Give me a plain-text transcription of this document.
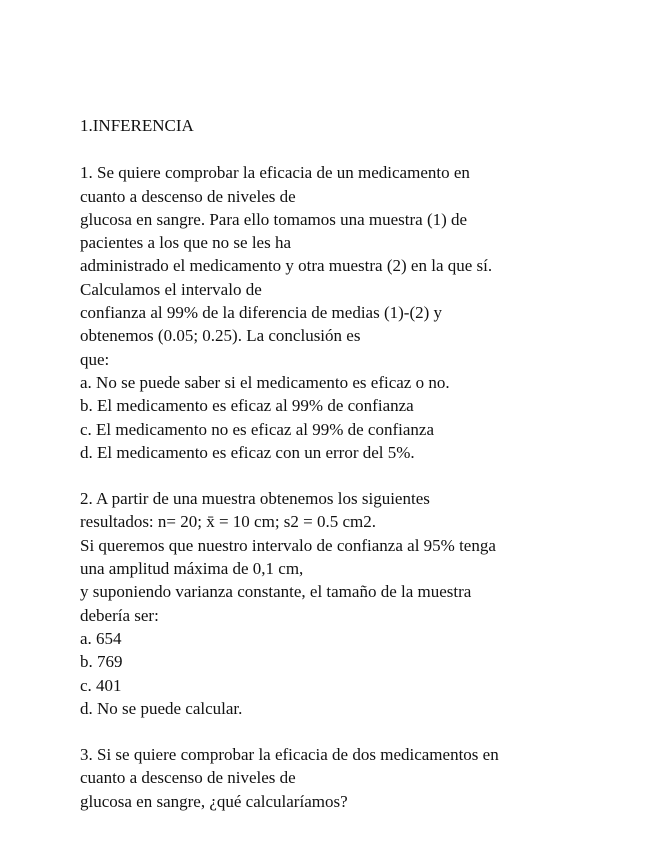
1.INFERENCIA
1. Se quiere comprobar la eficacia de un medicamento en
cuanto a descenso de niveles de
glucosa en sangre. Para ello tomamos una muestra (1) de
pacientes a los que no se les ha
administrado el medicamento y otra muestra (2) en la que sí.
Calculamos el intervalo de
confianza al 99% de la diferencia de medias (1)-(2) y
obtenemos (0.05; 0.25). La conclusión es
que:
a. No se puede saber si el medicamento es eficaz o no.
b. El medicamento es eficaz al 99% de confianza
c. El medicamento no es eficaz al 99% de confianza
d. El medicamento es eficaz con un error del 5%.
2. A partir de una muestra obtenemos los siguientes
resultados: n= 20; x̄ = 10 cm; s2 = 0.5 cm2.
Si queremos que nuestro intervalo de confianza al 95% tenga
una amplitud máxima de 0,1 cm,
y suponiendo varianza constante, el tamaño de la muestra
debería ser:
a. 654
b. 769
c. 401
d. No se puede calcular.
3. Si se quiere comprobar la eficacia de dos medicamentos en
cuanto a descenso de niveles de
glucosa en sangre, ¿qué calcularíamos?
